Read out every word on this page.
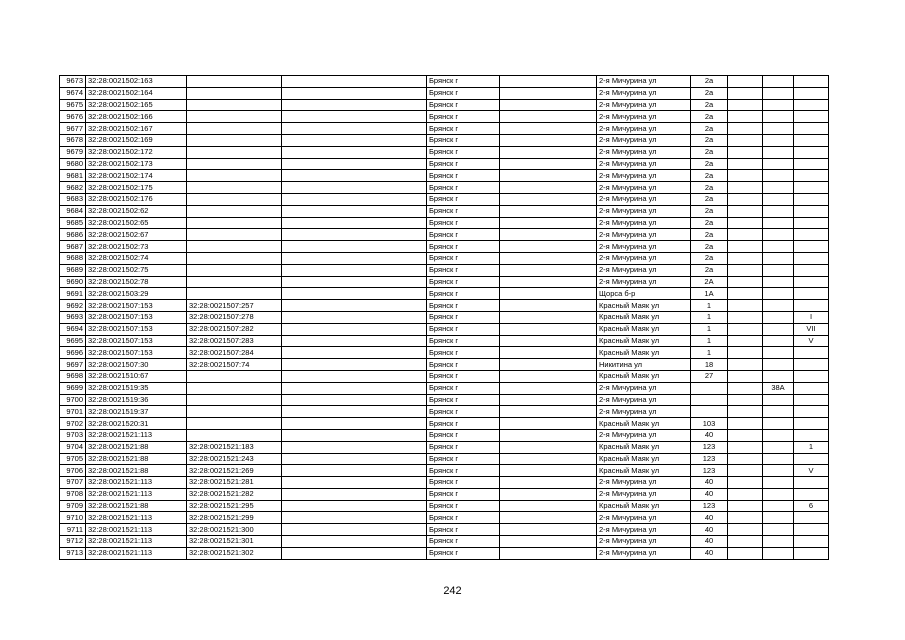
9673	32:28:0021502:163			Брянск г		2-я Мичурина ул	2а			
9674	32:28:0021502:164			Брянск г		2-я Мичурина ул	2а			
9675	32:28:0021502:165			Брянск г		2-я Мичурина ул	2а			
9676	32:28:0021502:166			Брянск г		2-я Мичурина ул	2а			
9677	32:28:0021502:167			Брянск г		2-я Мичурина ул	2а			
9678	32:28:0021502:169			Брянск г		2-я Мичурина ул	2а			
9679	32:28:0021502:172			Брянск г		2-я Мичурина ул	2а			
9680	32:28:0021502:173			Брянск г		2-я Мичурина ул	2а			
9681	32:28:0021502:174			Брянск г		2-я Мичурина ул	2а			
9682	32:28:0021502:175			Брянск г		2-я Мичурина ул	2а			
9683	32:28:0021502:176			Брянск г		2-я Мичурина ул	2а			
9684	32:28:0021502:62			Брянск г		2-я Мичурина ул	2а			
9685	32:28:0021502:65			Брянск г		2-я Мичурина ул	2а			
9686	32:28:0021502:67			Брянск г		2-я Мичурина ул	2а			
9687	32:28:0021502:73			Брянск г		2-я Мичурина ул	2а			
9688	32:28:0021502:74			Брянск г		2-я Мичурина ул	2а			
9689	32:28:0021502:75			Брянск г		2-я Мичурина ул	2а			
9690	32:28:0021502:78			Брянск г		2-я Мичурина ул	2А			
9691	32:28:0021503:29			Брянск г		Щорса б-р	1А			
9692	32:28:0021507:153	32:28:0021507:257		Брянск г		Красный Маяк ул	1			
9693	32:28:0021507:153	32:28:0021507:278		Брянск г		Красный Маяк ул	1			I
9694	32:28:0021507:153	32:28:0021507:282		Брянск г		Красный Маяк ул	1			VII
9695	32:28:0021507:153	32:28:0021507:283		Брянск г		Красный Маяк ул	1			V
9696	32:28:0021507:153	32:28:0021507:284		Брянск г		Красный Маяк ул	1			
9697	32:28:0021507:30	32:28:0021507:74		Брянск г		Никитина ул	18			
9698	32:28:0021510:67			Брянск г		Красный Маяк ул	27			
9699	32:28:0021519:35			Брянск г		2-я Мичурина ул			38А	
9700	32:28:0021519:36			Брянск г		2-я Мичурина ул				
9701	32:28:0021519:37			Брянск г		2-я Мичурина ул				
9702	32:28:0021520:31			Брянск г		Красный Маяк ул	103			
9703	32:28:0021521:113			Брянск г		2-я Мичурина ул	40			
9704	32:28:0021521:88	32:28:0021521:183		Брянск г		Красный Маяк ул	123			1
9705	32:28:0021521:88	32:28:0021521:243		Брянск г		Красный Маяк ул	123			
9706	32:28:0021521:88	32:28:0021521:269		Брянск г		Красный Маяк ул	123			V
9707	32:28:0021521:113	32:28:0021521:281		Брянск г		2-я Мичурина ул	40			
9708	32:28:0021521:113	32:28:0021521:282		Брянск г		2-я Мичурина ул	40			
9709	32:28:0021521:88	32:28:0021521:295		Брянск г		Красный Маяк ул	123			6
9710	32:28:0021521:113	32:28:0021521:299		Брянск г		2-я Мичурина ул	40			
9711	32:28:0021521:113	32:28:0021521:300		Брянск г		2-я Мичурина ул	40			
9712	32:28:0021521:113	32:28:0021521:301		Брянск г		2-я Мичурина ул	40			
9713	32:28:0021521:113	32:28:0021521:302		Брянск г		2-я Мичурина ул	40			
242
